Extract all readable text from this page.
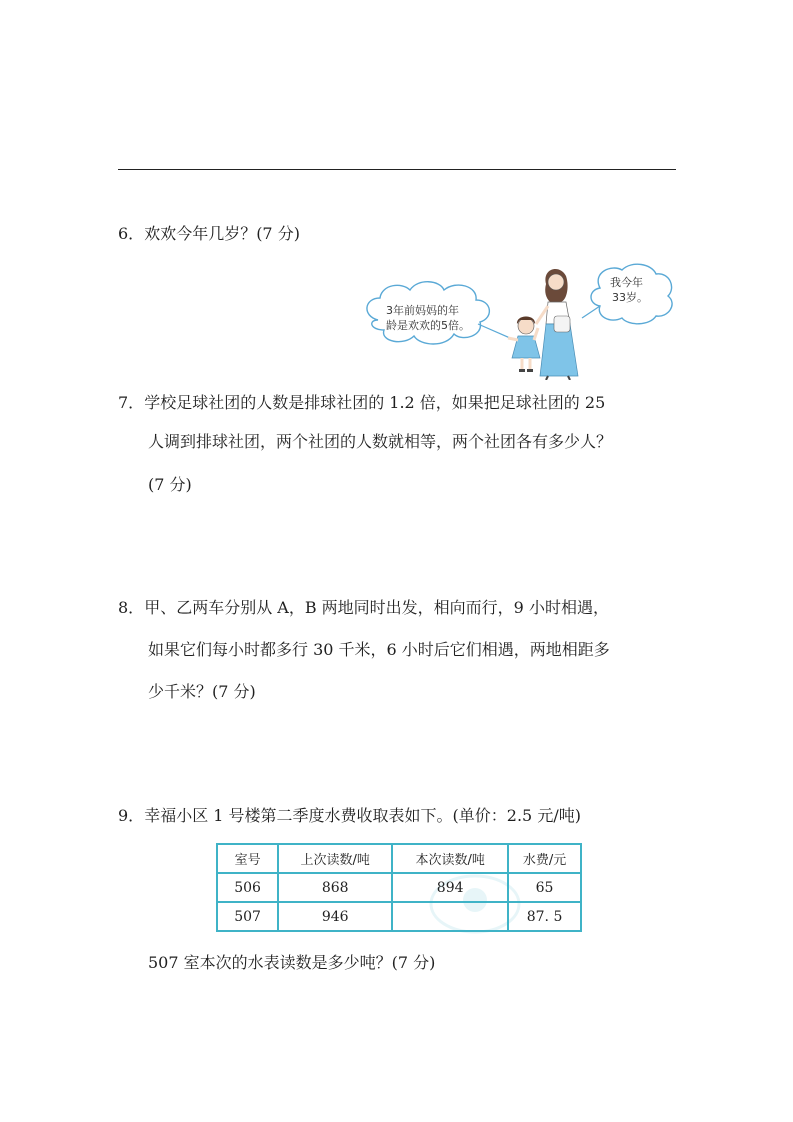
6．欢欢今年几岁？(7 分)
3年前妈妈的年
龄是欢欢的5倍。
我今年
33岁。
7．学校足球社团的人数是排球社团的 1.2 倍，如果把足球社团的 25
人调到排球社团，两个社团的人数就相等，两个社团各有多少人？
(7 分)
8．甲、乙两车分别从 A，B 两地同时出发，相向而行，9 小时相遇，
如果它们每小时都多行 30 千米，6 小时后它们相遇，两地相距多
少千米？(7 分)
9．幸福小区 1 号楼第二季度水费收取表如下。(单价：2.5 元/吨)
室号	上次读数/吨	本次读数/吨	水费/元
506	868	894	65
507	946		87. 5
507 室本次的水表读数是多少吨？(7 分)
